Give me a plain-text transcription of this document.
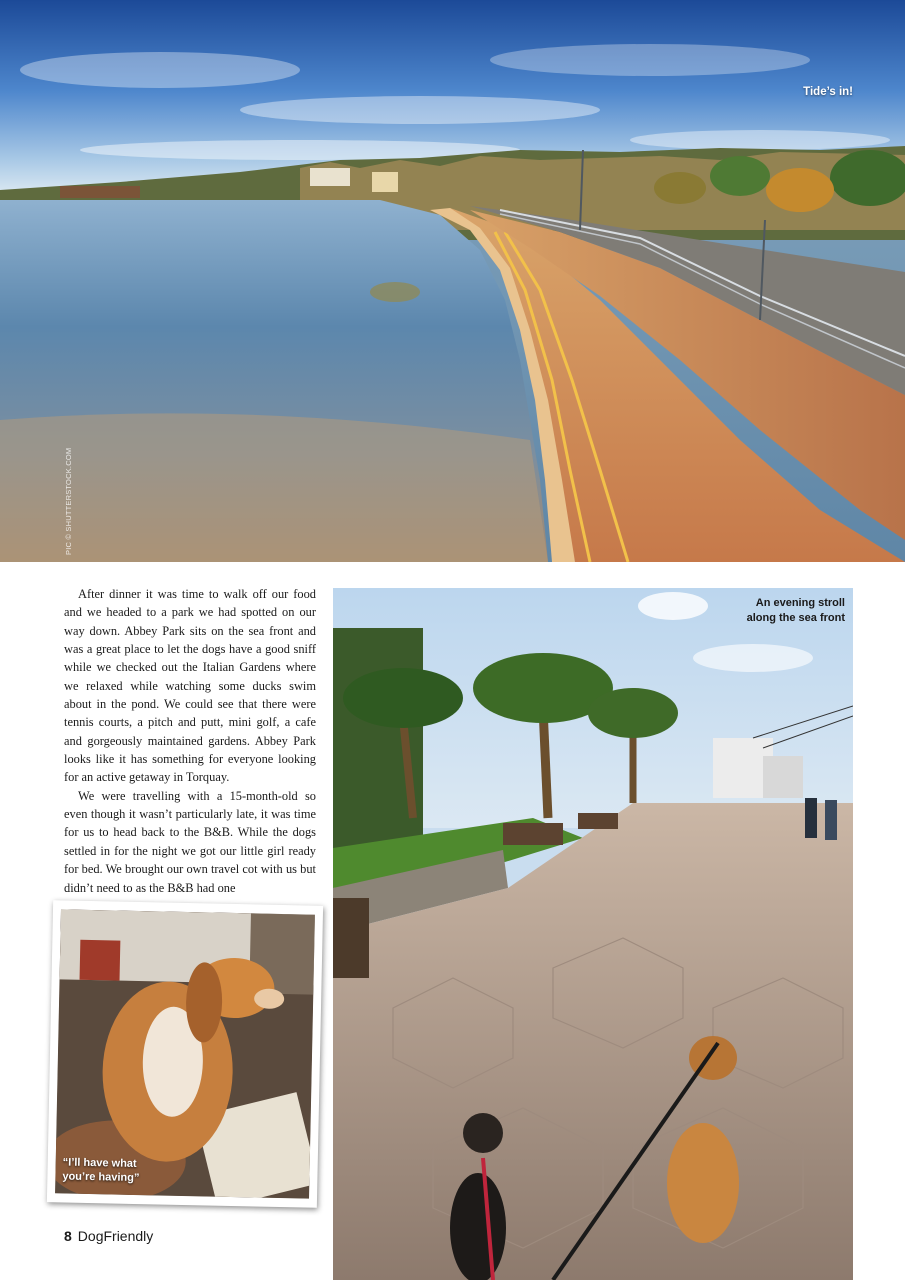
Tide’s in!
PIC © SHUTTERSTOCK.COM

After dinner it was time to walk off our food and we headed to a park we had spotted on our way down. Abbey Park sits on the sea front and was a great place to let the dogs have a good sniff while we checked out the Italian Gardens where we relaxed while watching some ducks swim about in the pond. We could see that there were tennis courts, a pitch and putt, mini golf, a cafe and gorgeously maintained gardens. Abbey Park looks like it has something for everyone looking for an active getaway in Torquay.

We were travelling with a 15-month-old so even though it wasn’t particularly late, it was time for us to head back to the B&B. While the dogs settled in for the night we got our little girl ready for bed. We brought our own travel cot with us but didn’t need to as the B&B had one

An evening stroll
along the sea front
“I’ll have what
you’re having”
8 DogFriendly
